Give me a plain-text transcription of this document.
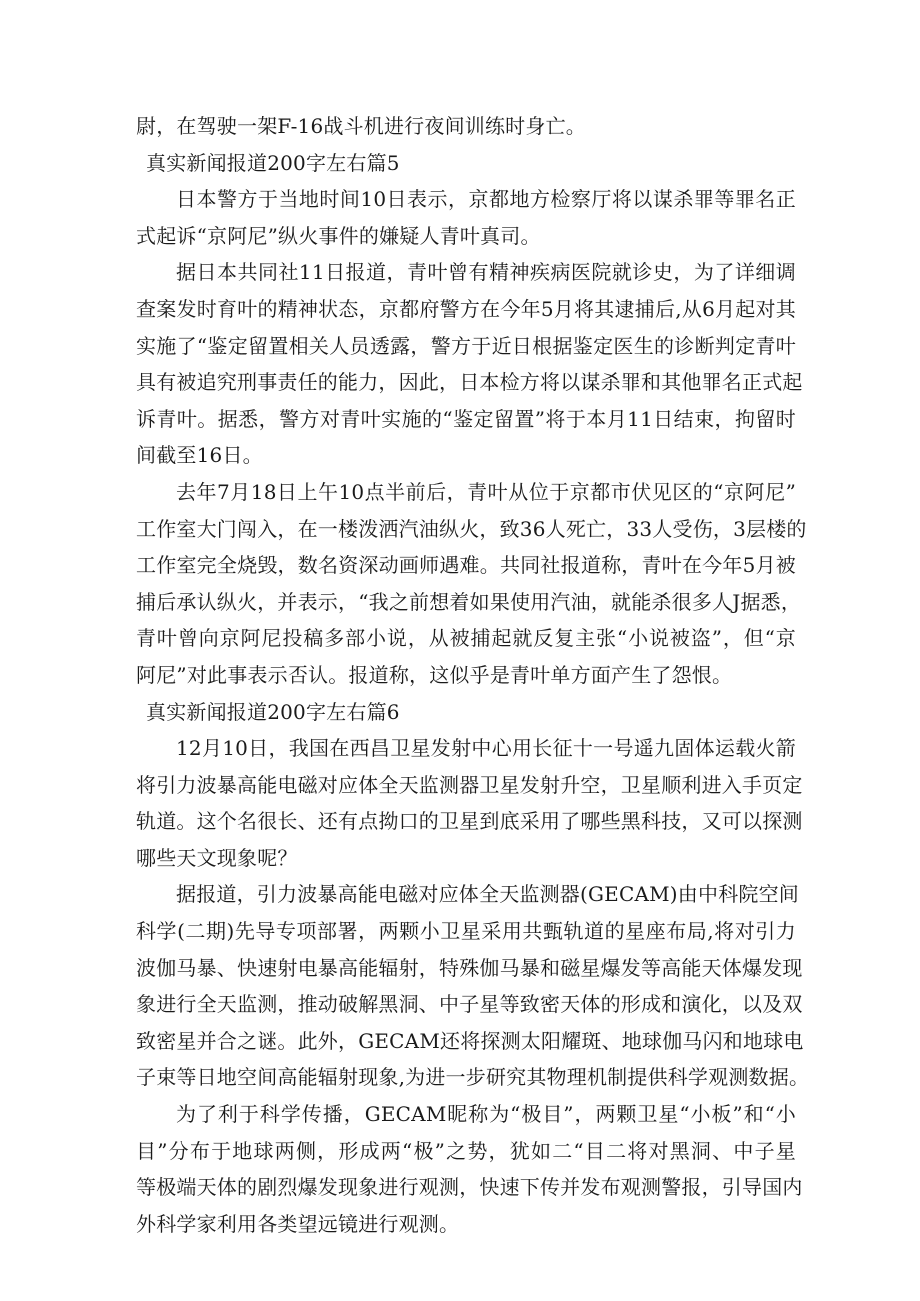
尉，在驾驶一架F-16战斗机进行夜间训练时身亡。
真实新闻报道200字左右篇5
日本警方于当地时间10日表示，京都地方检察厅将以谋杀罪等罪名正
式起诉“京阿尼”纵火事件的嫌疑人青叶真司。
据日本共同社11日报道，青叶曾有精神疾病医院就诊史，为了详细调
查案发时育叶的精神状态，京都府警方在今年5月将其逮捕后,从6月起对其
实施了“鉴定留置相关人员透露，警方于近日根据鉴定医生的诊断判定青叶
具有被追究刑事责任的能力，因此，日本检方将以谋杀罪和其他罪名正式起
诉青叶。据悉，警方对青叶实施的“鉴定留置”将于本月11日结束，拘留时
间截至16日。
去年7月18日上午10点半前后，青叶从位于京都市伏见区的“京阿尼”
工作室大门闯入，在一楼泼洒汽油纵火，致36人死亡，33人受伤，3层楼的
工作室完全烧毁，数名资深动画师遇难。共同社报道称，青叶在今年5月被
捕后承认纵火，并表示，“我之前想着如果使用汽油，就能杀很多人J据悉，
青叶曾向京阿尼投稿多部小说，从被捕起就反复主张“小说被盗”，但“京
阿尼”对此事表示否认。报道称，这似乎是青叶单方面产生了怨恨。
真实新闻报道200字左右篇6
12月10日，我国在西昌卫星发射中心用长征十一号遥九固体运载火箭
将引力波暴高能电磁对应体全天监测器卫星发射升空，卫星顺利进入手页定
轨道。这个名很长、还有点拗口的卫星到底采用了哪些黑科技，又可以探测
哪些天文现象呢？
据报道，引力波暴高能电磁对应体全天监测器(GECAM)由中科院空间
科学(二期)先导专项部署，两颗小卫星采用共甄轨道的星座布局,将对引力
波伽马暴、快速射电暴高能辐射，特殊伽马暴和磁星爆发等高能天体爆发现
象进行全天监测，推动破解黑洞、中子星等致密天体的形成和演化，以及双
致密星并合之谜。此外，GECAM还将探测太阳耀斑、地球伽马闪和地球电
子束等日地空间高能辐射现象,为进一步研究其物理机制提供科学观测数据。
为了利于科学传播，GECAM昵称为“极目”，两颗卫星“小板”和“小
目”分布于地球两侧，形成两“极”之势，犹如二“目二将对黑洞、中子星
等极端天体的剧烈爆发现象进行观测，快速下传并发布观测警报，引导国内
外科学家利用各类望远镜进行观测。
